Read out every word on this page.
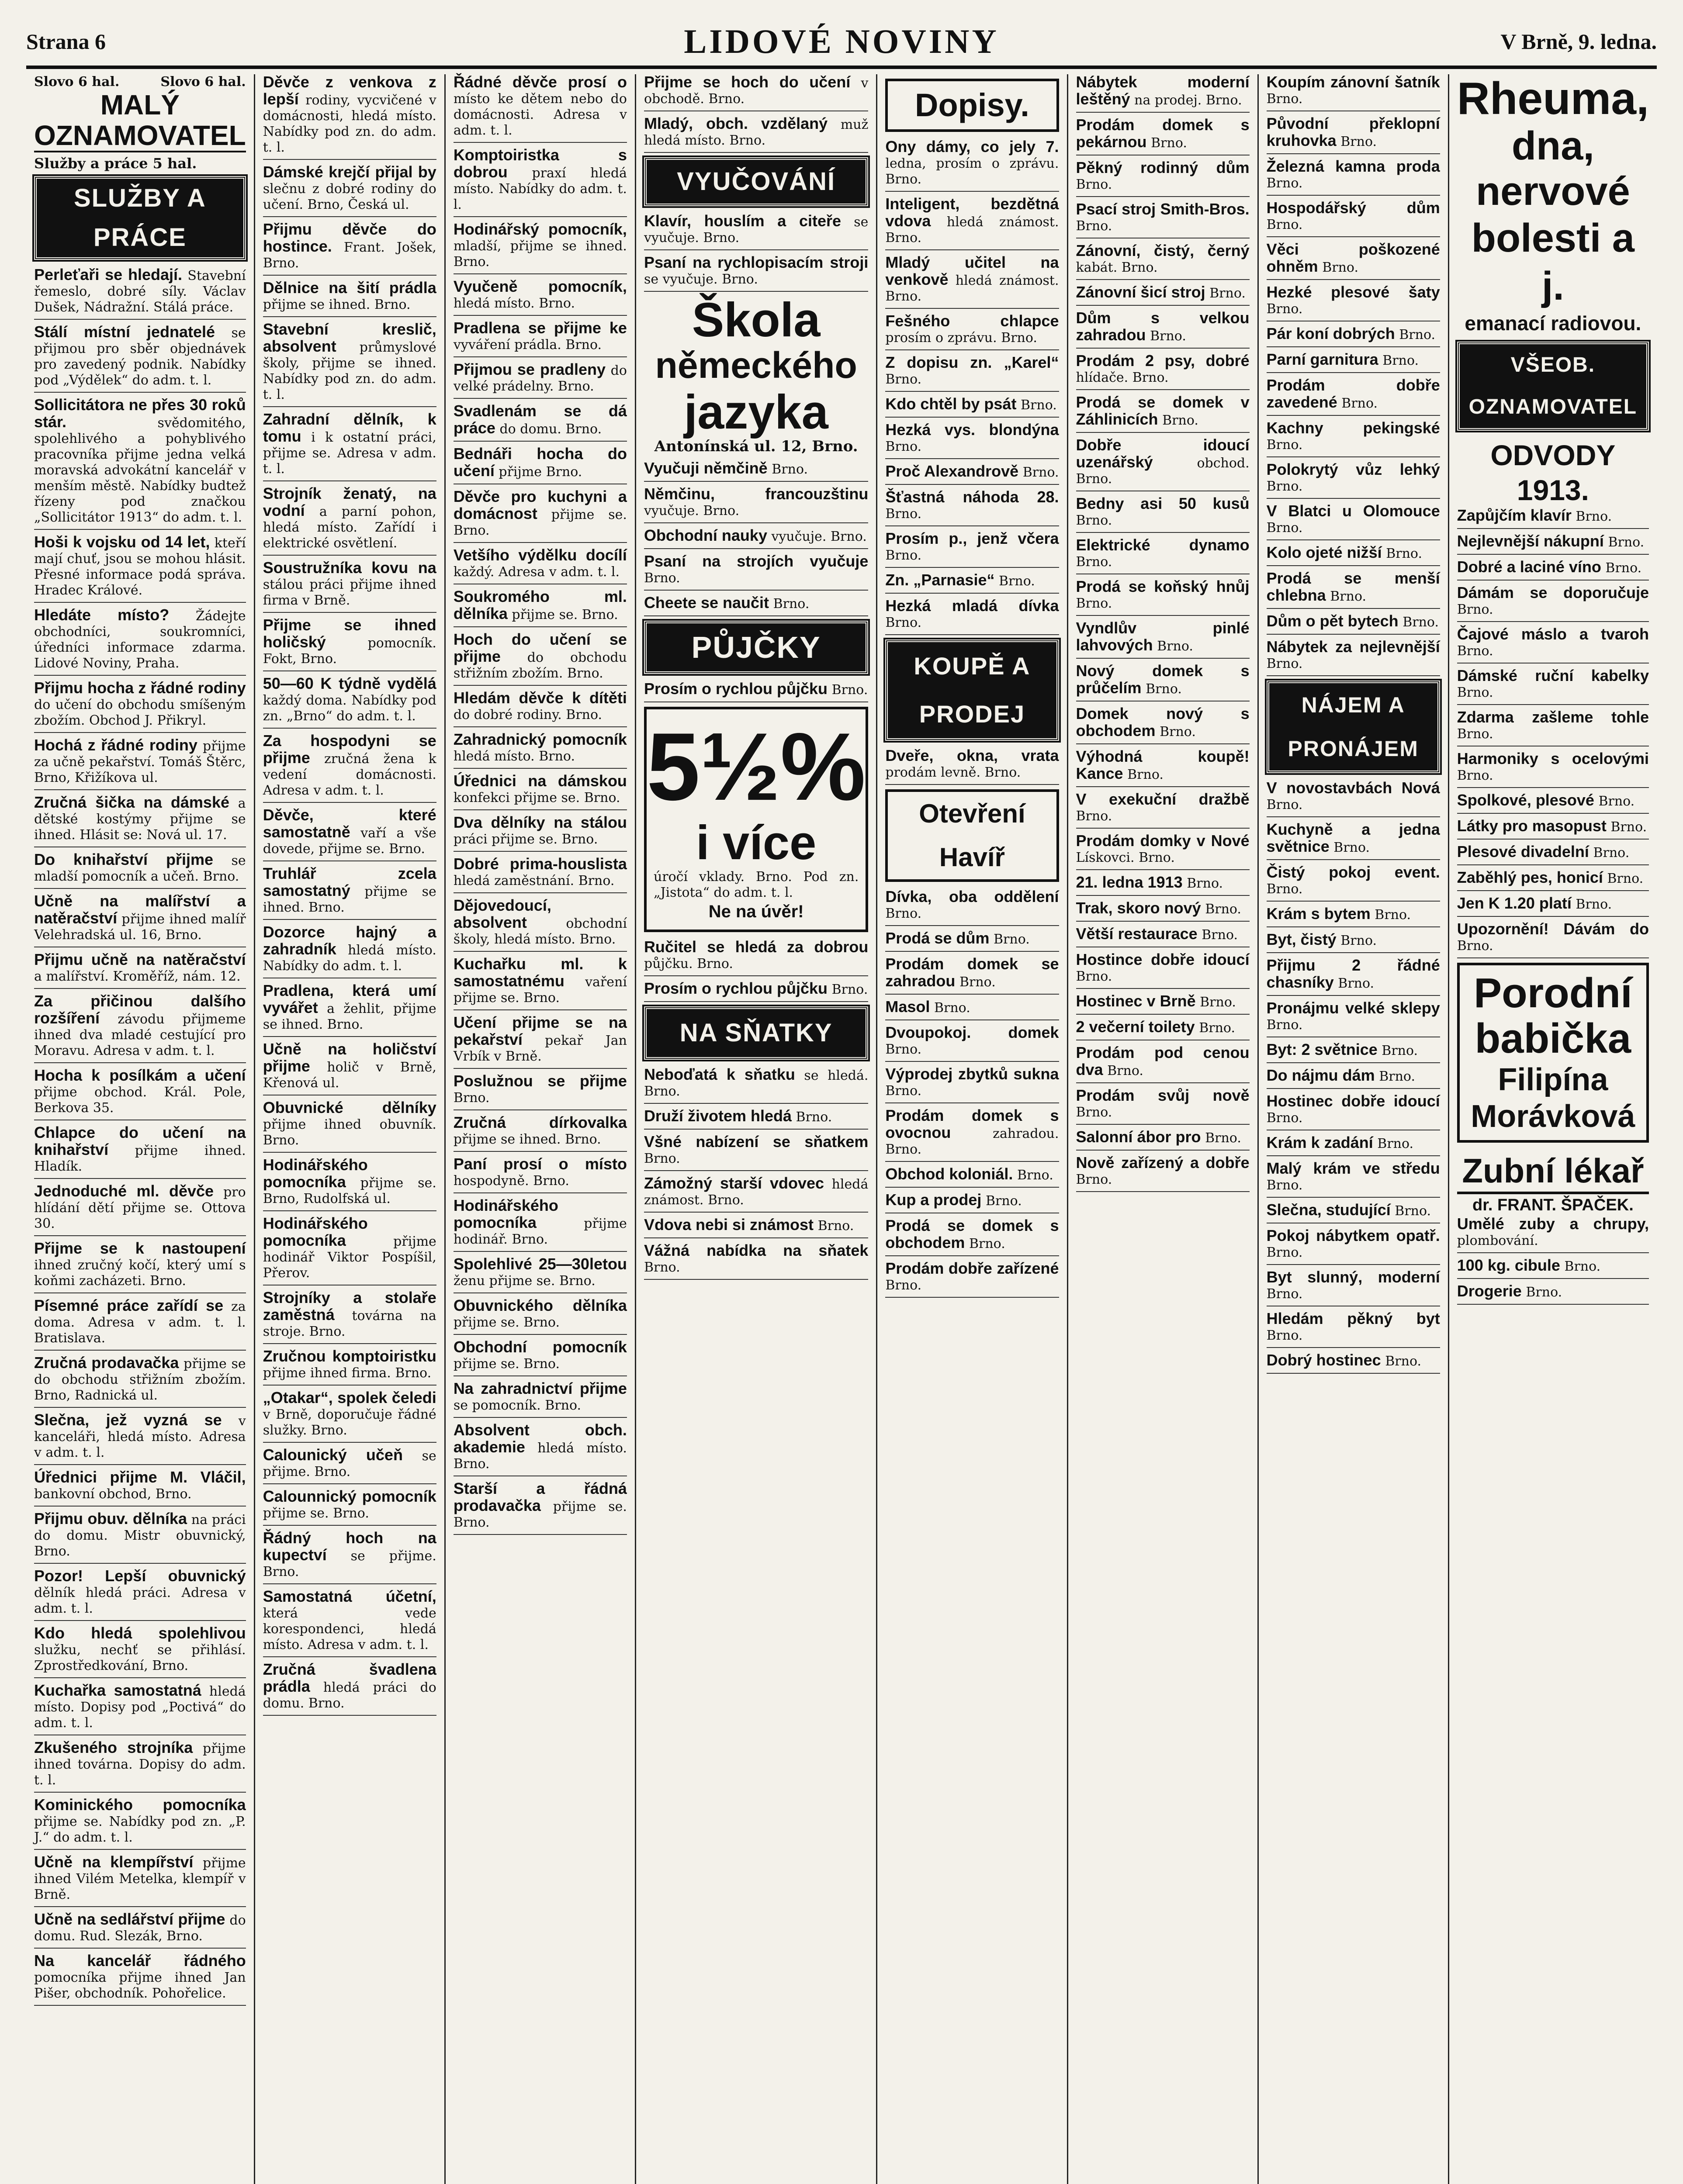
Strana 6	LIDOVÉ NOVINY	V Brně, 9. ledna.
Slovo 6 hal.	Slovo 6 hal.
MALÝ OZNAMOVATEL
Služby a práce 5 hal.
SLUŽBY A PRÁCE
Perleťaři se hledají. Stavební řemeslo, dobré síly. Václav Dušek, Nádražní. Stálá práce.
Stálí místní jednatelé se přijmou pro sběr objednávek pro zavedený podnik. Nabídky pod „Výdělek“ do adm. t. l.
Sollicitátora ne přes 30 roků stár.	svědomitého, spolehlivého a pohyblivého pracovníka přijme jedna velká moravská advokátní kancelář v menším městě. Nabídky budtež řízeny pod značkou „Sollicitátor 1913“ do adm. t. l.
Hoši k vojsku od 14 let, kteří mají chuť, jsou se mohou hlásit. Přesné informace podá správa. Hradec Králové.
Hledáte místo? Žádejte obchodníci, soukromníci, úředníci informace zdarma. Lidové Noviny, Praha.
Přijmu hocha z řádné rodiny do učení do obchodu smíšeným zbožím. Obchod J. Přikryl.
Hochá z řádné rodiny přijme za učně pekařství. Tomáš Štěrc, Brno, Křižíkova ul.
Zručná šička na dámské a dětské kostýmy přijme se ihned. Hlásit se: Nová ul. 17.
Do knihařství přijme se mladší pomocník a učeň. Brno.
Učně na malířství a natěračství přijme ihned malíř Velehradská ul. 16, Brno.
Přijmu učně na natěračství a malířství. Kroměříž, nám. 12.
Za přičinou dalšího rozšíření závodu přijmeme ihned dva mladé cestující pro Moravu. Adresa v adm. t. l.
Hocha k posílkám a učení přijme obchod. Král. Pole, Berkova 35.
Chlapce do učení na knihařství přijme ihned. Hladík.
Jednoduché ml. děvče pro hlídání dětí přijme se. Ottova 30.
Přijme se k nastoupení ihned zručný kočí, který umí s koňmi zacházeti. Brno.
Písemné práce zařídí se za doma. Adresa v adm. t. l. Bratislava.
Zručná prodavačka přijme se do obchodu střižním zbožím. Brno, Radnická ul.
Slečna, jež vyzná se v kanceláři, hledá místo. Adresa v adm. t. l.
Úřednici přijme M. Vláčil, bankovní obchod, Brno.
Přijmu obuv. dělníka na práci do domu. Mistr obuvnický, Brno.
Pozor! Lepší obuvnický dělník hledá práci. Adresa v adm. t. l.
Kdo hledá spolehlivou služku, nechť se přihlásí. Zprostředkování, Brno.
Kuchařka samostatná hledá místo. Dopisy pod „Poctivá“ do adm. t. l.
Zkušeného strojníka přijme ihned továrna. Dopisy do adm. t. l.
Kominického pomocníka přijme se. Nabídky pod zn. „P. J.“ do adm. t. l.
Učně na klempířství přijme ihned Vilém Metelka, klempíř v Brně.
Učně na sedlářství přijme do domu. Rud. Slezák, Brno.
Na kancelář řádného pomocníka přijme ihned Jan Pišer, obchodník. Pohořelice.
Děvče z venkova z lepší rodiny, vycvičené v domácnosti, hledá místo. Nabídky pod zn. do adm. t. l.
Dámské krejčí přijal by slečnu z dobré rodiny do učení. Brno, Česká ul.
Přijmu děvče do hostince. Frant. Jošek, Brno.
Dělnice na šití prádla přijme se ihned. Brno.
Stavební kreslič, absolvent průmyslové školy, přijme se ihned. Nabídky pod zn. do adm. t. l.
Zahradní dělník, k tomu i k ostatní práci, přijme se. Adresa v adm. t. l.
Strojník ženatý, na vodní a parní pohon, hledá místo. Zařídí i elektrické osvětlení.
Soustružníka kovu na stálou práci přijme ihned firma v Brně.
Přijme se ihned holičský	pomocník. Fokt, Brno.
50—60 K týdně vydělá každý doma. Nabídky pod zn. „Brno“ do adm. t. l.
Za hospodyni se přijme zručná žena k vedení domácnosti. Adresa v adm. t. l.
Děvče, které samostatně vaří a vše dovede, přijme se. Brno.
Truhlář zcela samostatný přijme se ihned. Brno.
Dozorce hajný a zahradník hledá místo. Nabídky do adm. t. l.
Pradlena, která umí vyvářet a žehlit, přijme se ihned. Brno.
Učně na holičství přijme holič v Brně, Křenová ul.
Obuvnické dělníky přijme ihned obuvník. Brno.
Hodinářského pomocníka přijme se. Brno, Rudolfská ul.
Hodinářského pomocníka	přijme hodinář Viktor Pospíšil, Přerov.
Strojníky a stolaře zaměstná továrna na stroje. Brno.
Zručnou komptoiristku přijme ihned firma. Brno.
„Otakar“, spolek čeledi v Brně, doporučuje řádné služky. Brno.
Calounický učeň se přijme. Brno.
Calounnický pomocník přijme se. Brno.
Řádný hoch na kupectví se přijme. Brno.
Samostatná účetní, která vede korespondenci, hledá místo. Adresa v adm. t. l.
Zručná švadlena prádla hledá práci do domu. Brno.
Řádné děvče prosí o místo ke dětem nebo do domácnosti. Adresa v adm. t. l.
Komptoiristka s dobrou praxí hledá místo. Nabídky do adm. t. l.
Hodinářský pomocník, mladší, přijme se ihned. Brno.
Vyučeně pomocník, hledá místo. Brno.
Pradlena se přijme ke vyváření prádla. Brno.
Přijmou se pradleny do velké prádelny. Brno.
Svadlenám se dá práce do domu. Brno.
Bednáři hocha do učení přijme Brno.
Děvče pro kuchyni a domácnost přijme se. Brno.
Vetšího výdělku docílí každý. Adresa v adm. t. l.
Soukromého ml. dělníka přijme se. Brno.
Hoch do učení se přijme do obchodu střižním zbožím. Brno.
Hledám děvče k dítěti do dobré rodiny. Brno.
Zahradnický pomocník hledá místo. Brno.
Úřednici na dámskou konfekci přijme se. Brno.
Dva dělníky na stálou práci přijme se. Brno.
Dobré prima-houslista hledá zaměstnání. Brno.
Dějovedoucí, absolvent	obchodní školy, hledá místo. Brno.
Kuchařku ml. k samostatnému vaření přijme se. Brno.
Učení přijme se na pekařství pekař Jan Vrbík v Brně.
Poslužnou se přijme Brno.
Zručná dírkovalka přijme se ihned. Brno.
Paní prosí o místo hospodyně. Brno.
Hodinářského pomocníka	přijme hodinář. Brno.
Spolehlivé 25—30letou ženu přijme se. Brno.
Obuvnického dělníka přijme se. Brno.
Obchodní pomocník přijme se. Brno.
Na zahradnictví přijme se pomocník. Brno.
Absolvent obch. akademie hledá místo. Brno.
Starší a řádná prodavačka přijme se. Brno.
Přijme se hoch do učení v obchodě. Brno.
Mladý, obch. vzdělaný muž hledá místo. Brno.
VYUČOVÁNÍ
Klavír, houslím a citeře se vyučuje. Brno.
Psaní na rychlopisacím stroji se vyučuje. Brno.
Škola
německého
jazyka
Antonínská ul. 12, Brno.
Vyučuji němčině Brno.
Němčinu, francouzštinu vyučuje. Brno.
Obchodní nauky vyučuje. Brno.
Psaní na strojích vyučuje Brno.
Cheete se naučit Brno.
PŮJČKY
Prosím o rychlou půjčku Brno.
5½%
i více
úročí vklady. Brno. Pod zn. „Jistota“ do adm. t. l.
Ne na úvěr!
Ručitel se hledá za dobrou půjčku. Brno.
Prosím o rychlou půjčku Brno.
NA SŇATKY
Neboďatá k sňatku se hledá. Brno.
Druží životem hledá Brno.
Všné nabízení se sňatkem Brno.
Zámožný starší vdovec hledá známost. Brno.
Vdova nebi si známost Brno.
Vážná nabídka na sňatek Brno.
Dopisy.
Ony dámy, co jely 7. ledna, prosím o zprávu. Brno.
Inteligent, bezdětná vdova hledá známost. Brno.
Mladý učitel na venkově hledá známost. Brno.
Fešného chlapce prosím o zprávu. Brno.
Z dopisu zn. „Karel“ Brno.
Kdo chtěl by psát Brno.
Hezká vys. blondýna Brno.
Proč Alexandrově Brno.
Šťastná náhoda 28. Brno.
Prosím p., jenž včera Brno.
Zn. „Parnasie“ Brno.
Hezká mladá dívka Brno.
KOUPĚ A PRODEJ
Dveře, okna, vrata prodám levně. Brno.
Otevření Havíř
Dívka, oba oddělení Brno.
Prodá se dům Brno.
Prodám domek se zahradou Brno.
Masol Brno.
Dvoupokoj. domek Brno.
Výprodej zbytků sukna Brno.
Prodám domek s ovocnou	zahradou. Brno.
Obchod koloniál. Brno.
Kup a prodej Brno.
Prodá se domek s obchodem Brno.
Prodám dobře zařízené Brno.
Nábytek moderní leštěný na prodej. Brno.
Prodám domek s pekárnou Brno.
Pěkný rodinný dům Brno.
Psací stroj Smith-Bros. Brno.
Zánovní, čistý, černý kabát. Brno.
Zánovní šicí stroj Brno.
Dům s velkou zahradou Brno.
Prodám 2 psy, dobré hlídače. Brno.
Prodá se domek v Záhlinicích Brno.
Dobře idoucí uzenářský	obchod. Brno.
Bedny asi 50 kusů Brno.
Elektrické dynamo Brno.
Prodá se koňský hnůj Brno.
Vyndlův pinlé lahvových Brno.
Nový domek s průčelím Brno.
Domek nový s obchodem Brno.
Výhodná koupě! Kance Brno.
V exekuční dražbě Brno.
Prodám domky v Nové Lískovci. Brno.
21. ledna 1913 Brno.
Trak, skoro nový Brno.
Větší restaurace Brno.
Hostince dobře idoucí Brno.
Hostinec v Brně Brno.
2 večerní toilety Brno.
Prodám pod cenou dva Brno.
Prodám svůj nově Brno.
Salonní ábor pro Brno.
Nově zařízený a dobře Brno.
Koupím zánovní šatník Brno.
Původní překlopní kruhovka Brno.
Železná kamna proda Brno.
Hospodářský dům Brno.
Věci poškozené ohněm Brno.
Hezké plesové šaty Brno.
Pár koní dobrých Brno.
Parní garnitura Brno.
Prodám dobře zavedené Brno.
Kachny pekingské Brno.
Polokrytý vůz lehký Brno.
V Blatci u Olomouce Brno.
Kolo ojeté nižší Brno.
Prodá se menší chlebna Brno.
Dům o pět bytech Brno.
Nábytek za nejlevnější Brno.
NÁJEM A PRONÁJEM
V novostavbách Nová Brno.
Kuchyně a jedna světnice Brno.
Čistý pokoj event. Brno.
Krám s bytem Brno.
Byt, čistý Brno.
Přijmu 2 řádné chasníky Brno.
Pronájmu velké sklepy Brno.
Byt: 2 světnice Brno.
Do nájmu dám Brno.
Hostinec dobře idoucí Brno.
Krám k zadání Brno.
Malý krám ve středu Brno.
Slečna, studující Brno.
Pokoj nábytkem opatř. Brno.
Byt slunný, moderní Brno.
Hledám pěkný byt Brno.
Dobrý hostinec Brno.
Rheuma,
dna, nervové
bolesti a j.
emanací radiovou.
VŠEOB. OZNAMOVATEL
ODVODY 1913.
Zapůjčím klavír Brno.
Nejlevnější nákupní Brno.
Dobré a laciné víno Brno.
Dámám se doporučuje Brno.
Čajové máslo a tvaroh Brno.
Dámské ruční kabelky Brno.
Zdarma zašleme tohle Brno.
Harmoniky s ocelovými Brno.
Spolkové, plesové Brno.
Látky pro masopust Brno.
Plesové divadelní Brno.
Zaběhlý pes, honicí Brno.
Jen K 1.20 platí Brno.
Upozornění! Dávám do Brno.
Porodní
babička
Filipína
Morávková
Zubní lékař
dr. FRANT. ŠPAČEK.
Umělé zuby a chrupy, plombování.
100 kg. cibule Brno.
Drogerie Brno.
